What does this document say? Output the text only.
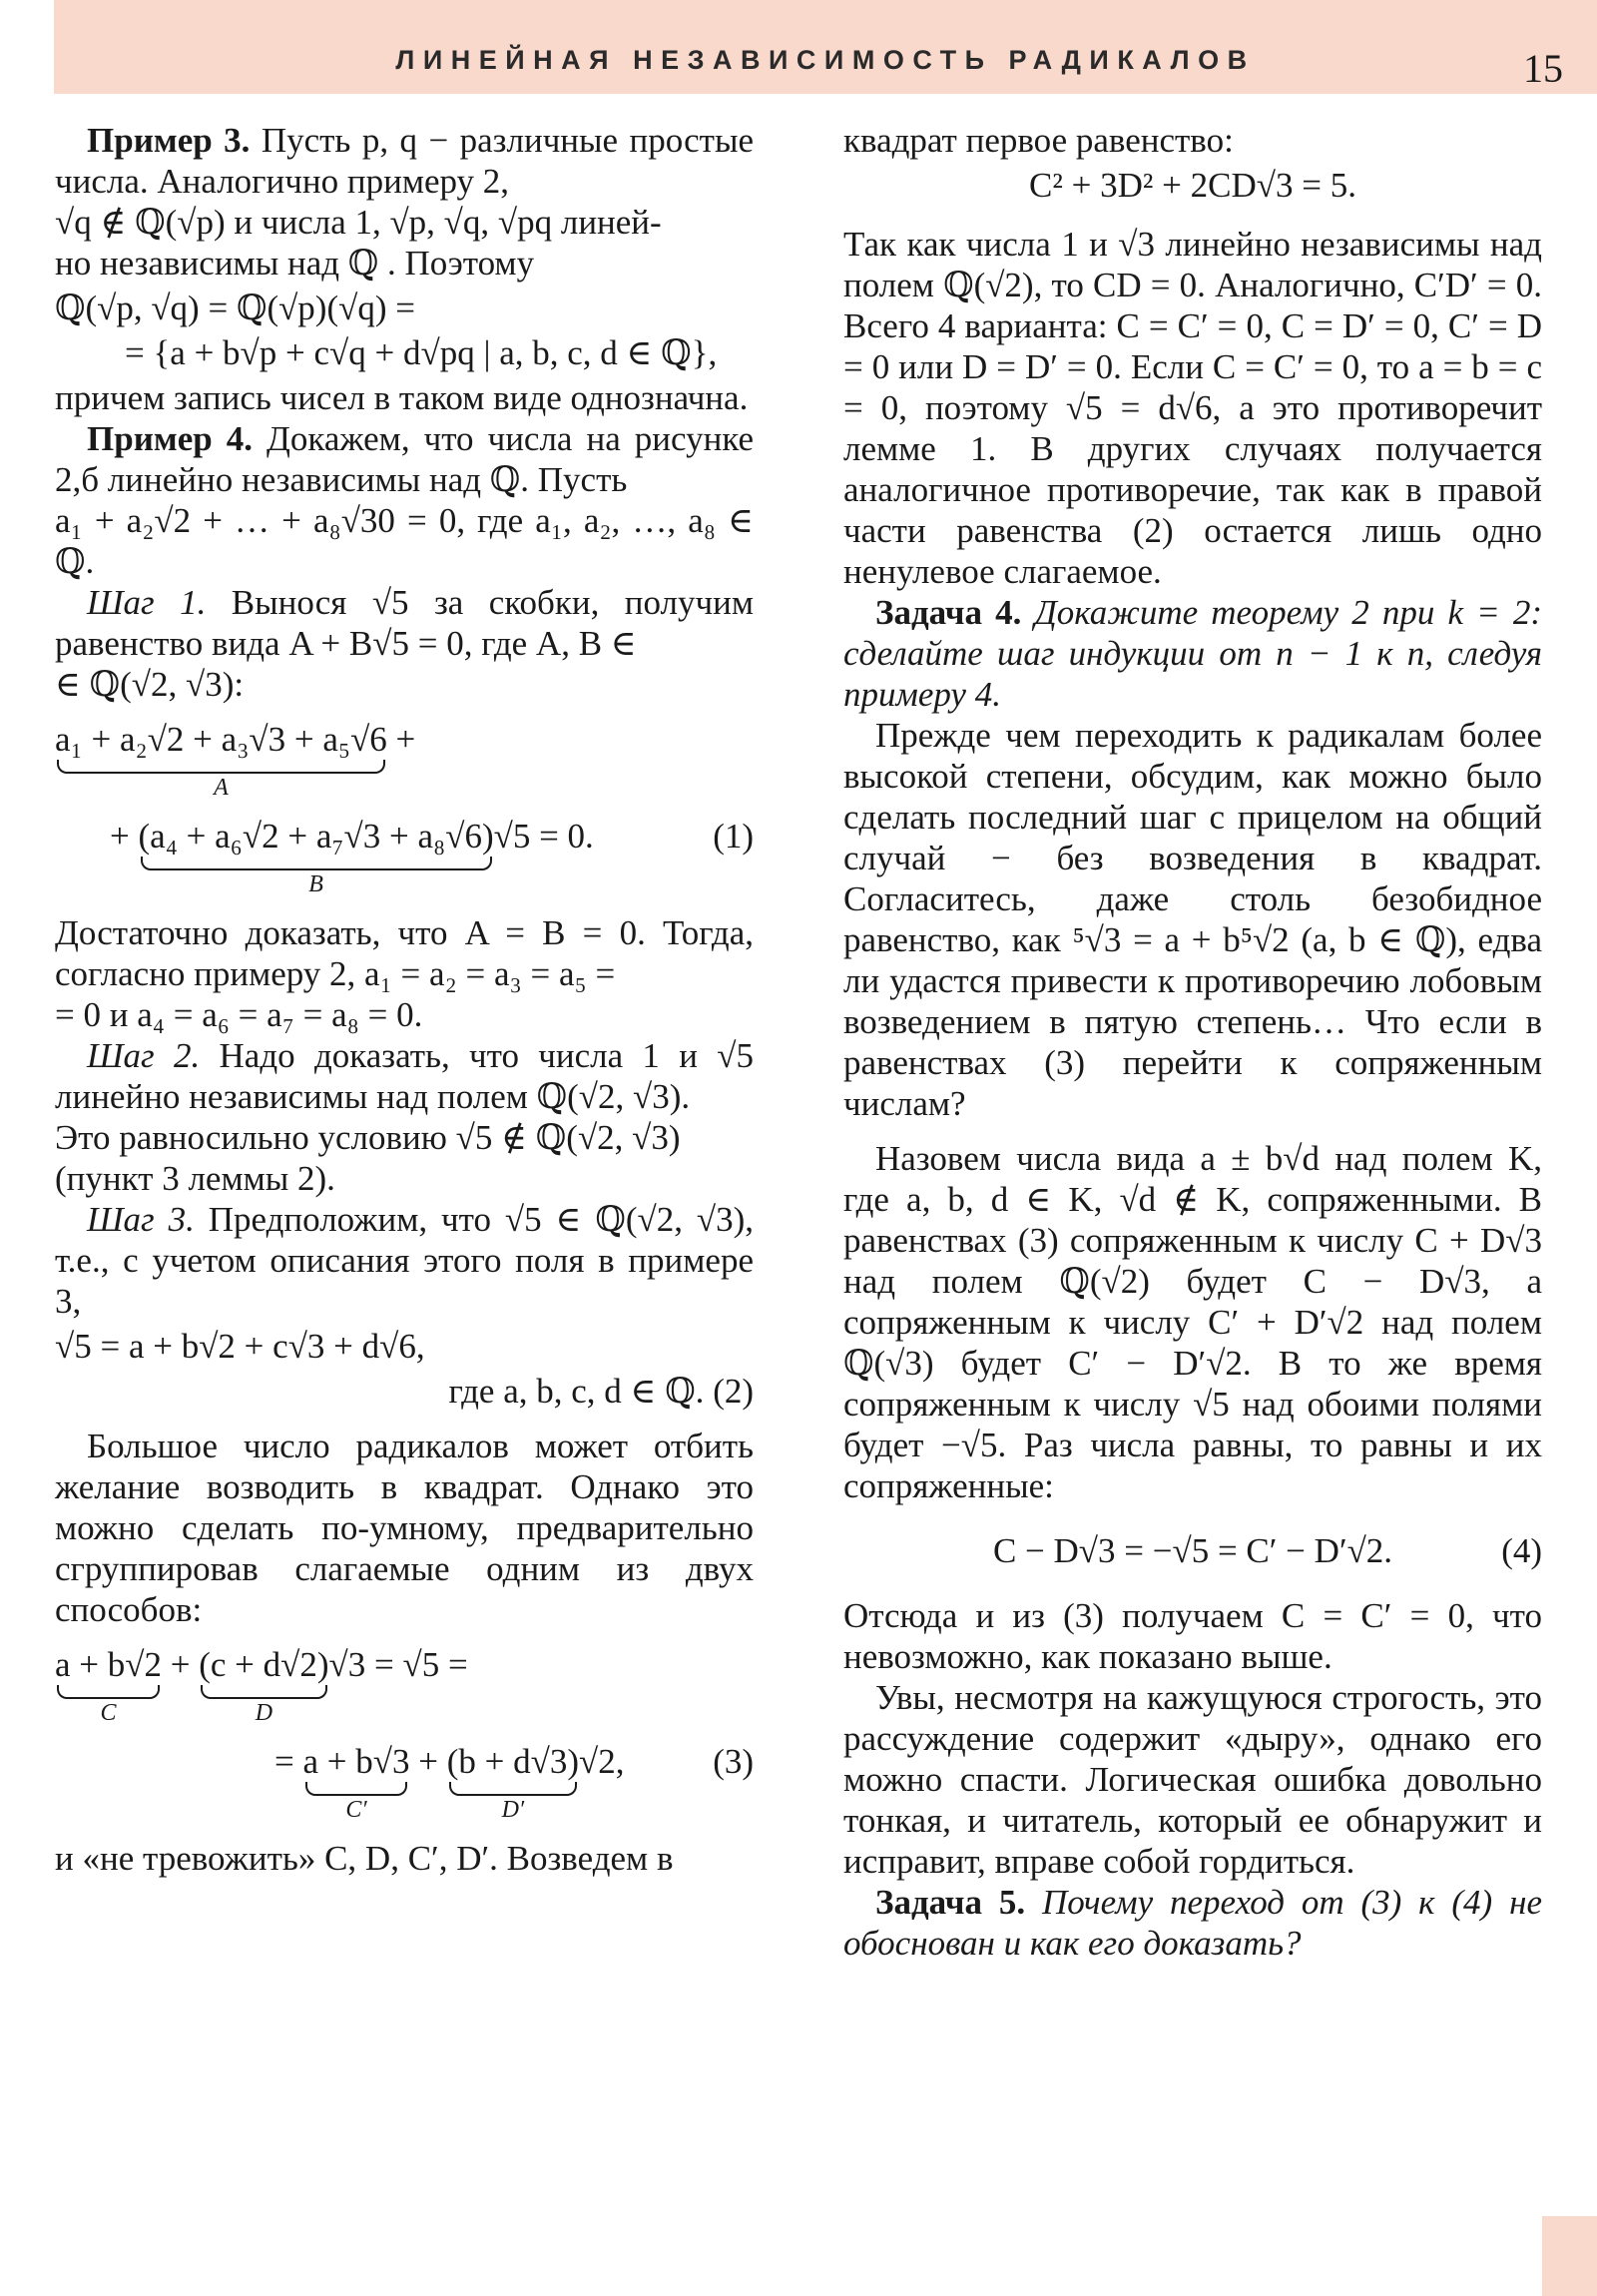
ЛИНЕЙНАЯ НЕЗАВИСИМОСТЬ РАДИКАЛОВ	15

Пример 3. Пусть p, q − различные простые числа. Аналогично примеру 2,

√q ∉ ℚ(√p) и числа 1, √p, √q, √pq линей-

но независимы над ℚ . Поэтому

ℚ(√p, √q) = ℚ(√p)(√q) =

= {a + b√p + c√q + d√pq | a, b, c, d ∈ ℚ},

причем запись чисел в таком виде однозначна.

Пример 4. Докажем, что числа на рисунке 2,б линейно независимы над ℚ. Пусть

a₁ + a₂√2 + … + a₈√30 = 0, где a₁, a₂, …, a₈ ∈ ℚ.

Шаг 1. Вынося √5 за скобки, получим равенство вида A + B√5 = 0, где A, B ∈

∈ ℚ(√2, √3):

a₁ + a₂√2 + a₃√3 + a₅√6
A
+
+ (a₄ + a₆√2 + a₇√3 + a₈√6)
B
√5 = 0.	(1)

Достаточно доказать, что A = B = 0. Тогда, согласно примеру 2, a₁ = a₂ = a₃ = a₅ =

= 0 и a₄ = a₆ = a₇ = a₈ = 0.

Шаг 2. Надо доказать, что числа 1 и √5 линейно независимы над полем ℚ(√2, √3).

Это равносильно условию √5 ∉ ℚ(√2, √3)

(пункт 3 леммы 2).

Шаг 3. Предположим, что √5 ∈ ℚ(√2, √3), т.е., с учетом описания этого поля в примере 3,

√5 = a + b√2 + c√3 + d√6,

где a, b, c, d ∈ ℚ. (2)

Большое число радикалов может отбить желание возводить в квадрат. Однако это можно сделать по-умному, предварительно сгруппировав слагаемые одним из двух способов:

a + b√2
C
+ (c + d√2)
D
√3 = √5 =
= a + b√3
C′
+ (b + d√3)
D′
√2,	(3)

и «не тревожить» C, D, C′, D′. Возведем в

квадрат первое равенство:

C² + 3D² + 2CD√3 = 5.

Так как числа 1 и √3 линейно независимы над полем ℚ(√2), то CD = 0. Аналогично, C′D′ = 0. Всего 4 варианта: C = C′ = 0, C = D′ = 0, C′ = D = 0 или D = D′ = 0. Если C = C′ = 0, то a = b = c = 0, поэтому √5 = d√6, а это противоречит лемме 1. В других случаях получается аналогичное противоречие, так как в правой части равенства (2) остается лишь одно ненулевое слагаемое.

Задача 4. Докажите теорему 2 при k = 2: сделайте шаг индукции от n − 1 к n, следуя примеру 4.

Прежде чем переходить к радикалам более высокой степени, обсудим, как можно было сделать последний шаг с прицелом на общий случай − без возведения в квадрат. Согласитесь, даже столь безобидное равенство, как ⁵√3 = a + b⁵√2 (a, b ∈ ℚ), едва ли удастся привести к противоречию лобовым возведением в пятую степень… Что если в равенствах (3) перейти к сопряженным числам?

Назовем числа вида a ± b√d над полем K, где a, b, d ∈ K, √d ∉ K, сопряженными. В равенствах (3) сопряженным к числу C + D√3 над полем ℚ(√2) будет C − D√3, а сопряженным к числу C′ + D′√2 над полем ℚ(√3) будет C′ − D′√2. В то же время сопряженным к числу √5 над обоими полями будет −√5. Раз числа равны, то равны и их сопряженные:

C − D√3 = −√5 = C′ − D′√2.	(4)

Отсюда и из (3) получаем C = C′ = 0, что невозможно, как показано выше.

Увы, несмотря на кажущуюся строгость, это рассуждение содержит «дыру», однако его можно спасти. Логическая ошибка довольно тонкая, и читатель, который ее обнаружит и исправит, вправе собой гордиться.

Задача 5. Почему переход от (3) к (4) не обоснован и как его доказать?
